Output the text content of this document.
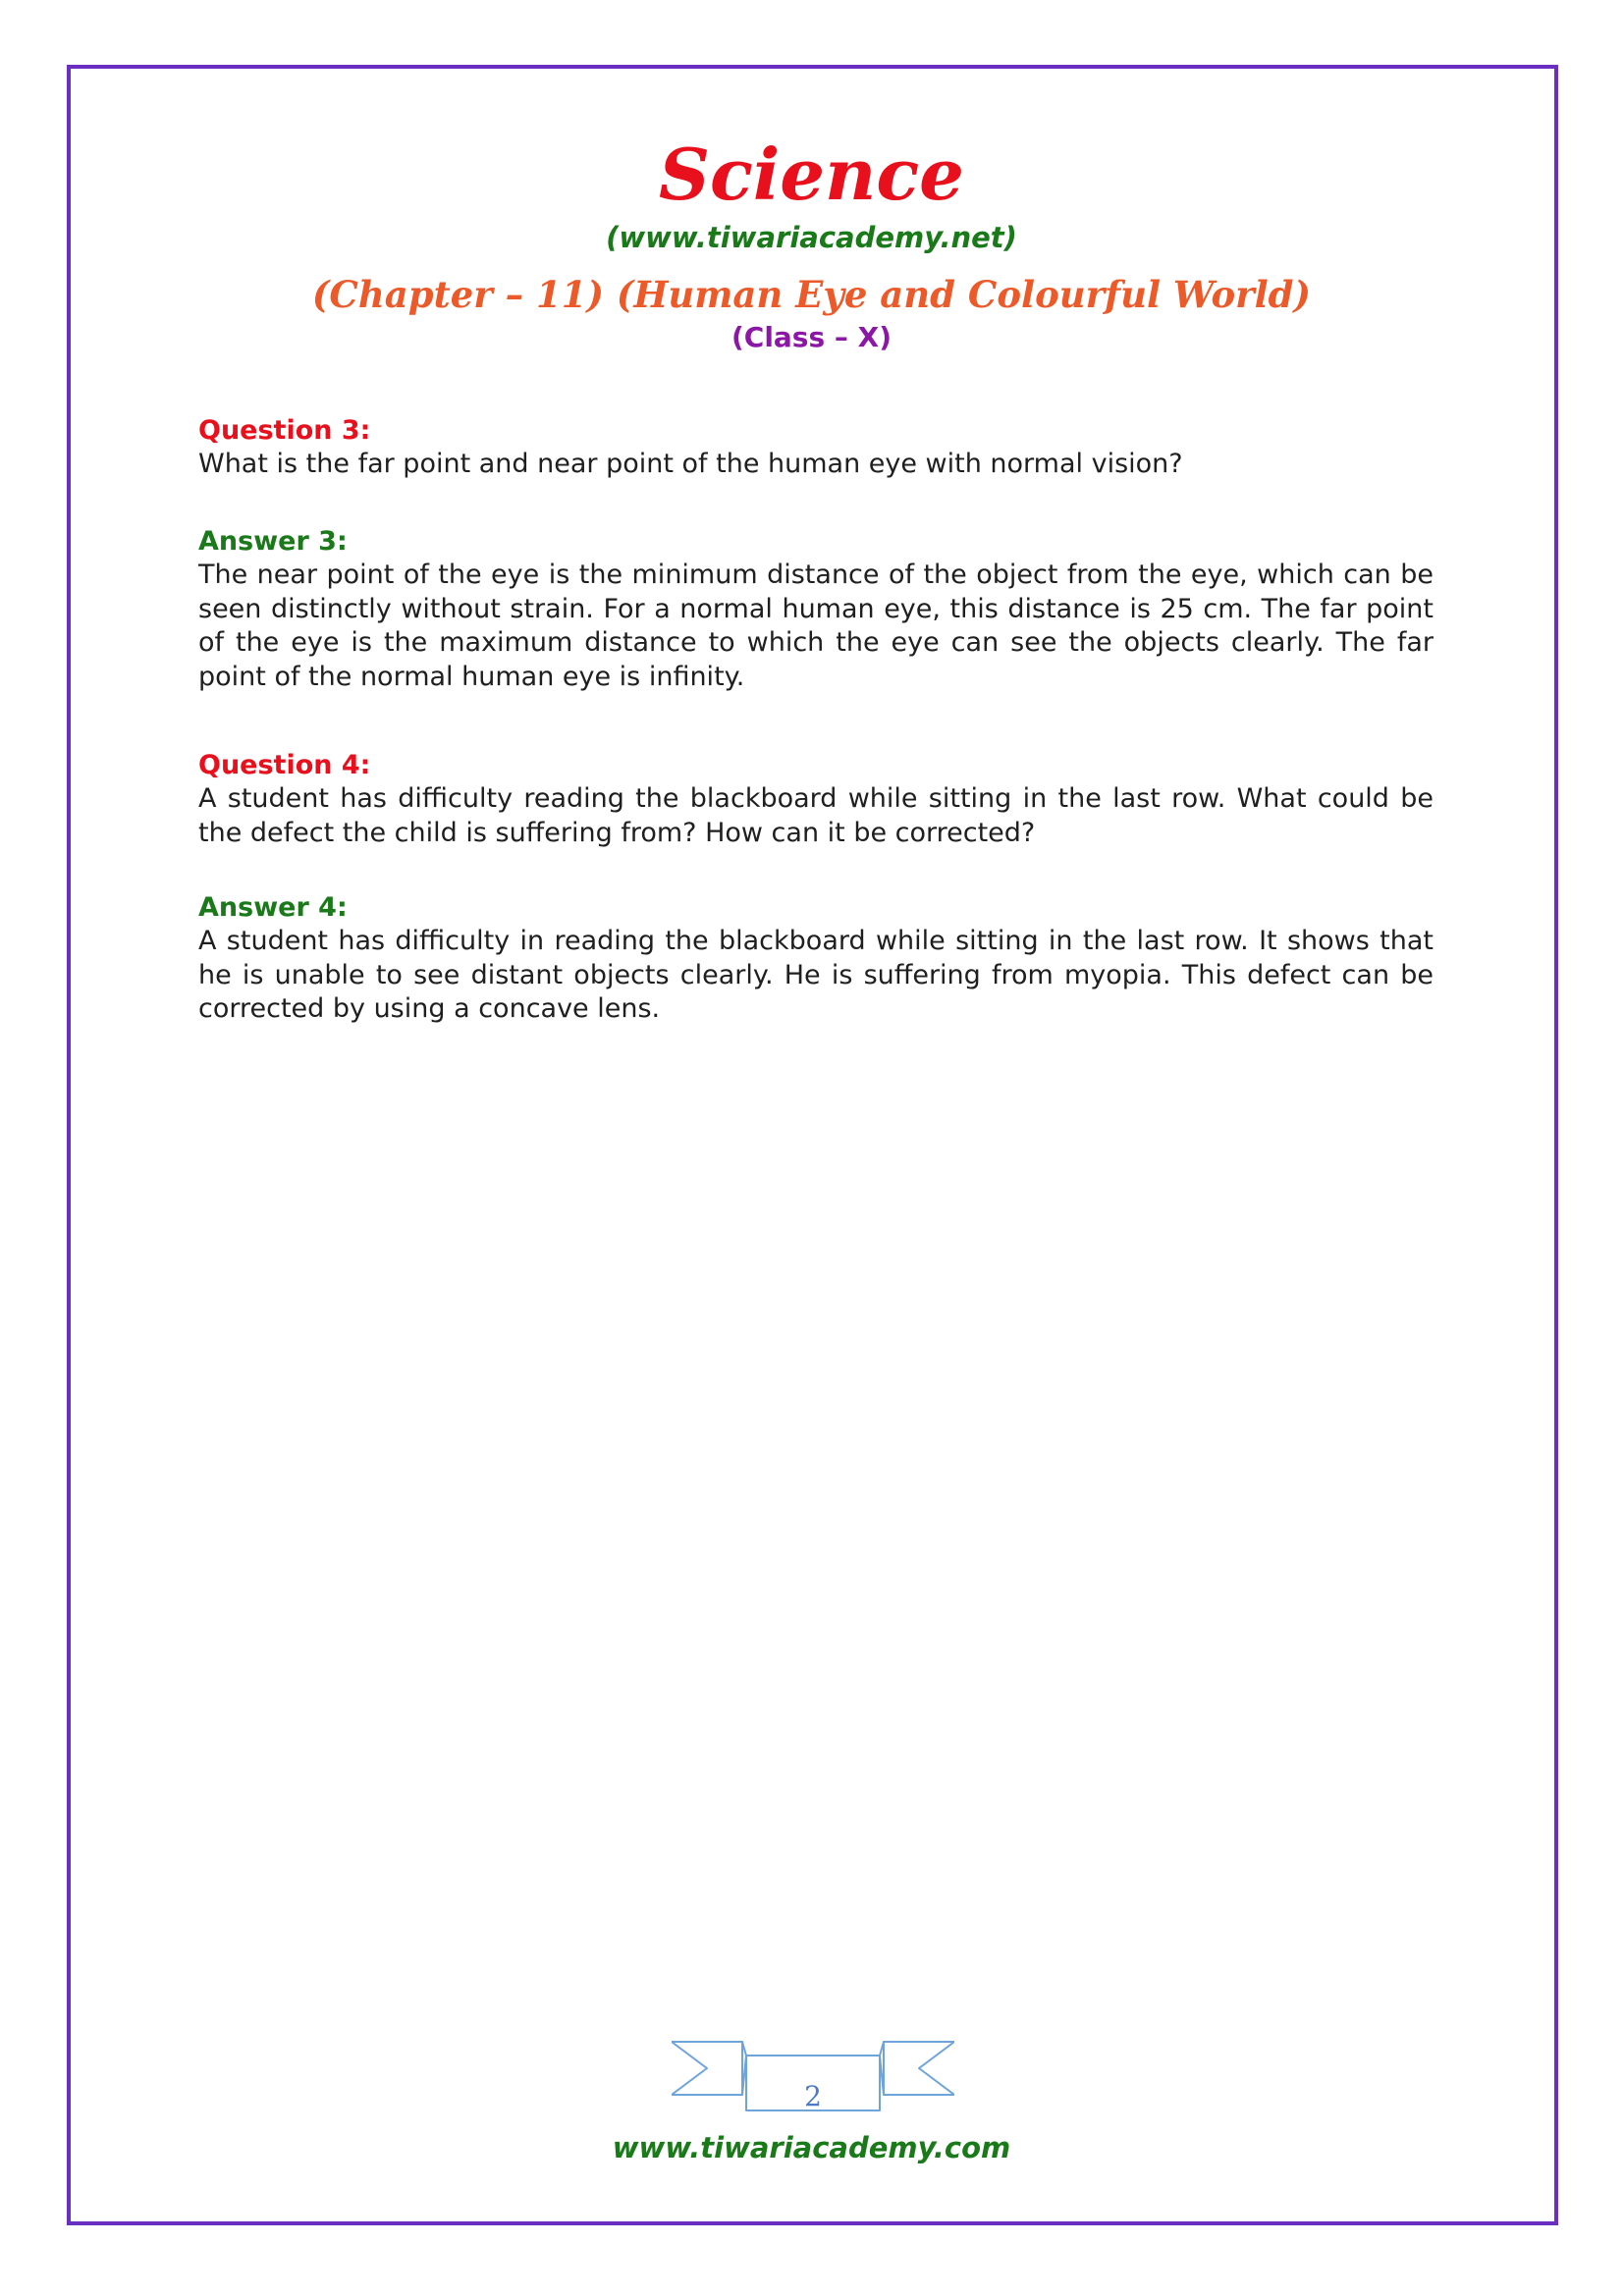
Science
(www.tiwariacademy.net)
(Chapter – 11) (Human Eye and Colourful World)
(Class – X)

Question 3:

What is the far point and near point of the human eye with normal vision?

Answer 3:

The near point of the eye is the minimum distance of the object from the eye, which can be seen distinctly without strain. For a normal human eye, this distance is 25 cm. The far point of the eye is the maximum distance to which the eye can see the objects clearly. The far point of the normal human eye is infinity.

Question 4:

A student has difficulty reading the blackboard while sitting in the last row. What could be the defect the child is suffering from? How can it be corrected?

Answer 4:

A student has difficulty in reading the blackboard while sitting in the last row. It shows that he is unable to see distant objects clearly. He is suffering from myopia. This defect can be corrected by using a concave lens.

2
www.tiwariacademy.com
